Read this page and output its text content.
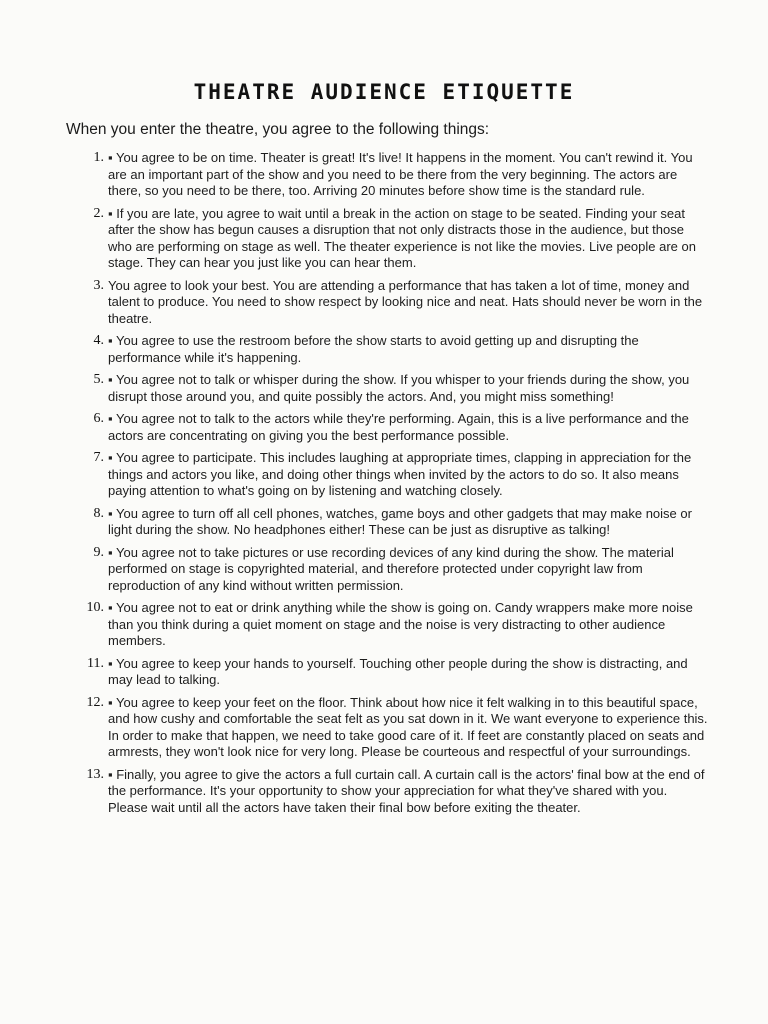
THEATRE AUDIENCE ETIQUETTE
When you enter the theatre, you agree to the following things:
1. ▪ You agree to be on time. Theater is great! It's live! It happens in the moment. You can't rewind it. You are an important part of the show and you need to be there from the very beginning. The actors are there, so you need to be there, too. Arriving 20 minutes before show time is the standard rule.
2. ▪ If you are late, you agree to wait until a break in the action on stage to be seated. Finding your seat after the show has begun causes a disruption that not only distracts those in the audience, but those who are performing on stage as well. The theater experience is not like the movies. Live people are on stage. They can hear you just like you can hear them.
3. You agree to look your best. You are attending a performance that has taken a lot of time, money and talent to produce. You need to show respect by looking nice and neat. Hats should never be worn in the theatre.
4. ▪ You agree to use the restroom before the show starts to avoid getting up and disrupting the performance while it's happening.
5. ▪ You agree not to talk or whisper during the show. If you whisper to your friends during the show, you disrupt those around you, and quite possibly the actors. And, you might miss something!
6. ▪ You agree not to talk to the actors while they're performing. Again, this is a live performance and the actors are concentrating on giving you the best performance possible.
7. ▪ You agree to participate. This includes laughing at appropriate times, clapping in appreciation for the things and actors you like, and doing other things when invited by the actors to do so. It also means paying attention to what's going on by listening and watching closely.
8. ▪ You agree to turn off all cell phones, watches, game boys and other gadgets that may make noise or light during the show. No headphones either! These can be just as disruptive as talking!
9. ▪ You agree not to take pictures or use recording devices of any kind during the show. The material performed on stage is copyrighted material, and therefore protected under copyright law from reproduction of any kind without written permission.
10. ▪ You agree not to eat or drink anything while the show is going on. Candy wrappers make more noise than you think during a quiet moment on stage and the noise is very distracting to other audience members.
11. ▪ You agree to keep your hands to yourself. Touching other people during the show is distracting, and may lead to talking.
12. ▪ You agree to keep your feet on the floor. Think about how nice it felt walking in to this beautiful space, and how cushy and comfortable the seat felt as you sat down in it. We want everyone to experience this. In order to make that happen, we need to take good care of it. If feet are constantly placed on seats and armrests, they won't look nice for very long. Please be courteous and respectful of your surroundings.
13. ▪ Finally, you agree to give the actors a full curtain call. A curtain call is the actors' final bow at the end of the performance. It's your opportunity to show your appreciation for what they've shared with you. Please wait until all the actors have taken their final bow before exiting the theater.
